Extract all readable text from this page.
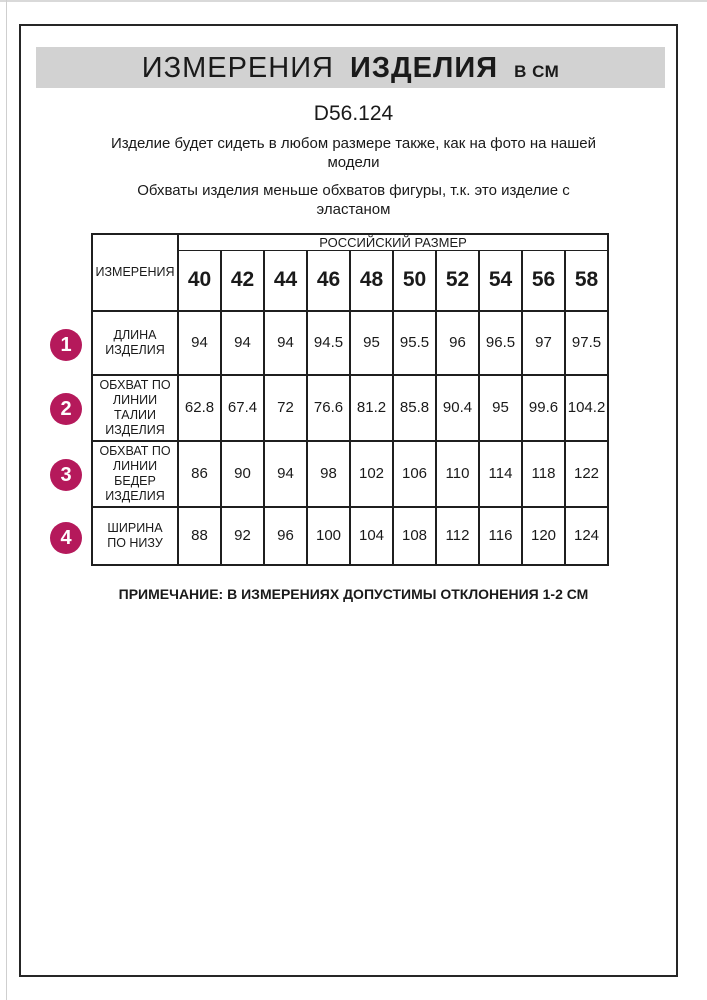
ИЗМЕРЕНИЯ ИЗДЕЛИЯ В СМ
D56.124
Изделие будет сидеть в любом размере также, как на фото на нашей модели
Обхваты изделия меньше обхватов фигуры, т.к. это изделие с эластаном
ИЗМЕРЕНИЯ	РОССИЙСКИЙ РАЗМЕР									
	40	42	44	46	48	50	52	54	56	58
ДЛИНА ИЗДЕЛИЯ	94	94	94	94.5	95	95.5	96	96.5	97	97.5
ОБХВАТ ПО ЛИНИИ ТАЛИИ ИЗДЕЛИЯ	62.8	67.4	72	76.6	81.2	85.8	90.4	95	99.6	104.2
ОБХВАТ ПО ЛИНИИ БЕДЕР ИЗДЕЛИЯ	86	90	94	98	102	106	110	114	118	122
ШИРИНА ПО НИЗУ	88	92	96	100	104	108	112	116	120	124
1
2
3
4
ПРИМЕЧАНИЕ: В ИЗМЕРЕНИЯХ ДОПУСТИМЫ ОТКЛОНЕНИЯ 1-2 СМ
